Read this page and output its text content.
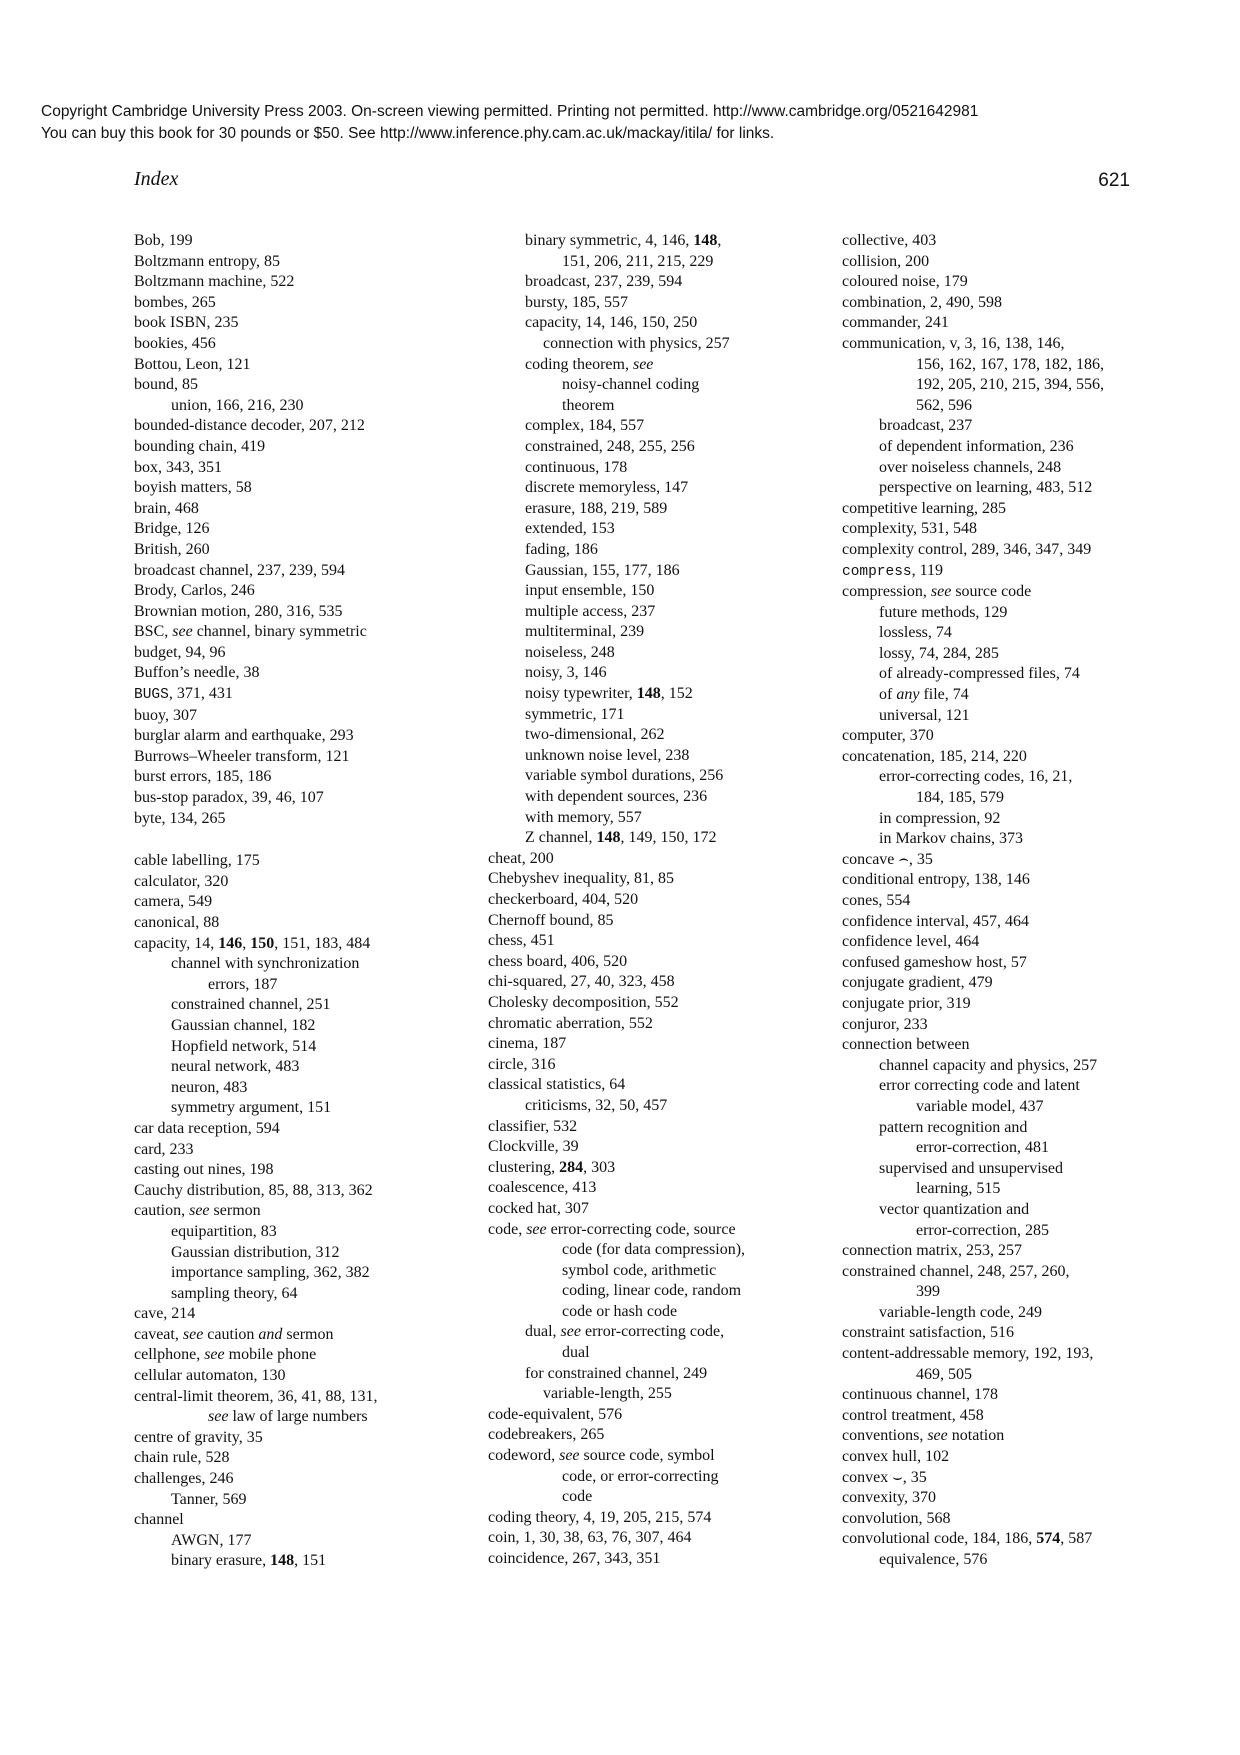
Copyright Cambridge University Press 2003. On-screen viewing permitted. Printing not permitted. http://www.cambridge.org/0521642981
You can buy this book for 30 pounds or $50. See http://www.inference.phy.cam.ac.uk/mackay/itila/ for links.
Index	621
Bob, 199
Boltzmann entropy, 85
Boltzmann machine, 522
bombes, 265
book ISBN, 235
bookies, 456
Bottou, Leon, 121
bound, 85
union, 166, 216, 230
bounded-distance decoder, 207, 212
bounding chain, 419
box, 343, 351
boyish matters, 58
brain, 468
Bridge, 126
British, 260
broadcast channel, 237, 239, 594
Brody, Carlos, 246
Brownian motion, 280, 316, 535
BSC, see channel, binary symmetric
budget, 94, 96
Buffon’s needle, 38
BUGS, 371, 431
buoy, 307
burglar alarm and earthquake, 293
Burrows–Wheeler transform, 121
burst errors, 185, 186
bus-stop paradox, 39, 46, 107
byte, 134, 265
cable labelling, 175
calculator, 320
camera, 549
canonical, 88
capacity, 14, 146, 150, 151, 183, 484
channel with synchronization
errors, 187
constrained channel, 251
Gaussian channel, 182
Hopfield network, 514
neural network, 483
neuron, 483
symmetry argument, 151
car data reception, 594
card, 233
casting out nines, 198
Cauchy distribution, 85, 88, 313, 362
caution, see sermon
equipartition, 83
Gaussian distribution, 312
importance sampling, 362, 382
sampling theory, 64
cave, 214
caveat, see caution and sermon
cellphone, see mobile phone
cellular automaton, 130
central-limit theorem, 36, 41, 88, 131,
see law of large numbers
centre of gravity, 35
chain rule, 528
challenges, 246
Tanner, 569
channel
AWGN, 177
binary erasure, 148, 151
binary symmetric, 4, 146, 148,
151, 206, 211, 215, 229
broadcast, 237, 239, 594
bursty, 185, 557
capacity, 14, 146, 150, 250
connection with physics, 257
coding theorem, see
noisy-channel coding
theorem
complex, 184, 557
constrained, 248, 255, 256
continuous, 178
discrete memoryless, 147
erasure, 188, 219, 589
extended, 153
fading, 186
Gaussian, 155, 177, 186
input ensemble, 150
multiple access, 237
multiterminal, 239
noiseless, 248
noisy, 3, 146
noisy typewriter, 148, 152
symmetric, 171
two-dimensional, 262
unknown noise level, 238
variable symbol durations, 256
with dependent sources, 236
with memory, 557
Z channel, 148, 149, 150, 172
cheat, 200
Chebyshev inequality, 81, 85
checkerboard, 404, 520
Chernoff bound, 85
chess, 451
chess board, 406, 520
chi-squared, 27, 40, 323, 458
Cholesky decomposition, 552
chromatic aberration, 552
cinema, 187
circle, 316
classical statistics, 64
criticisms, 32, 50, 457
classifier, 532
Clockville, 39
clustering, 284, 303
coalescence, 413
cocked hat, 307
code, see error-correcting code, source
code (for data compression),
symbol code, arithmetic
coding, linear code, random
code or hash code
dual, see error-correcting code,
dual
for constrained channel, 249
variable-length, 255
code-equivalent, 576
codebreakers, 265
codeword, see source code, symbol
code, or error-correcting
code
coding theory, 4, 19, 205, 215, 574
coin, 1, 30, 38, 63, 76, 307, 464
coincidence, 267, 343, 351
collective, 403
collision, 200
coloured noise, 179
combination, 2, 490, 598
commander, 241
communication, v, 3, 16, 138, 146,
156, 162, 167, 178, 182, 186,
192, 205, 210, 215, 394, 556,
562, 596
broadcast, 237
of dependent information, 236
over noiseless channels, 248
perspective on learning, 483, 512
competitive learning, 285
complexity, 531, 548
complexity control, 289, 346, 347, 349
compress, 119
compression, see source code
future methods, 129
lossless, 74
lossy, 74, 284, 285
of already-compressed files, 74
of any file, 74
universal, 121
computer, 370
concatenation, 185, 214, 220
error-correcting codes, 16, 21,
184, 185, 579
in compression, 92
in Markov chains, 373
concave ⌢, 35
conditional entropy, 138, 146
cones, 554
confidence interval, 457, 464
confidence level, 464
confused gameshow host, 57
conjugate gradient, 479
conjugate prior, 319
conjuror, 233
connection between
channel capacity and physics, 257
error correcting code and latent
variable model, 437
pattern recognition and
error-correction, 481
supervised and unsupervised
learning, 515
vector quantization and
error-correction, 285
connection matrix, 253, 257
constrained channel, 248, 257, 260,
399
variable-length code, 249
constraint satisfaction, 516
content-addressable memory, 192, 193,
469, 505
continuous channel, 178
control treatment, 458
conventions, see notation
convex hull, 102
convex ⌣, 35
convexity, 370
convolution, 568
convolutional code, 184, 186, 574, 587
equivalence, 576
